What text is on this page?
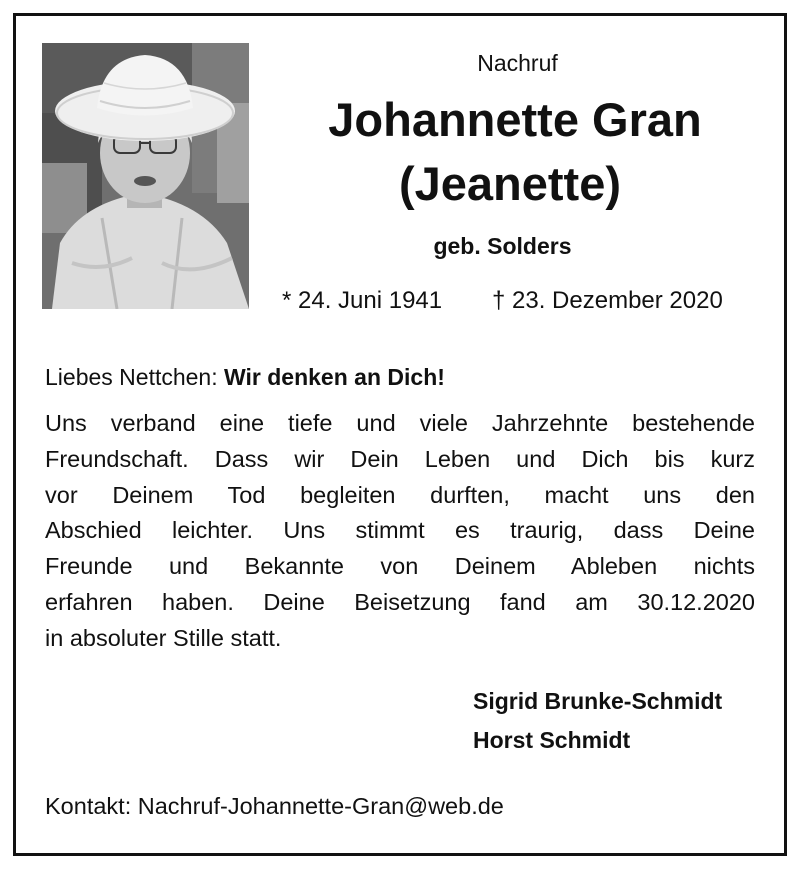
Nachruf
Johannette Gran
(Jeanette)
geb. Solders
* 24. Juni 1941 † 23. Dezember 2020
Liebes Nettchen: Wir denken an Dich!
Uns verband eine tiefe und viele Jahrzehnte bestehende
Freundschaft. Dass wir Dein Leben und Dich bis kurz
vor Deinem Tod begleiten durften, macht uns den
Abschied leichter. Uns stimmt es traurig, dass Deine
Freunde und Bekannte von Deinem Ableben nichts
erfahren haben. Deine Beisetzung fand am 30.12.2020
in absoluter Stille statt.
Sigrid Brunke-Schmidt
Horst Schmidt
Kontakt: Nachruf-Johannette-Gran@web.de
